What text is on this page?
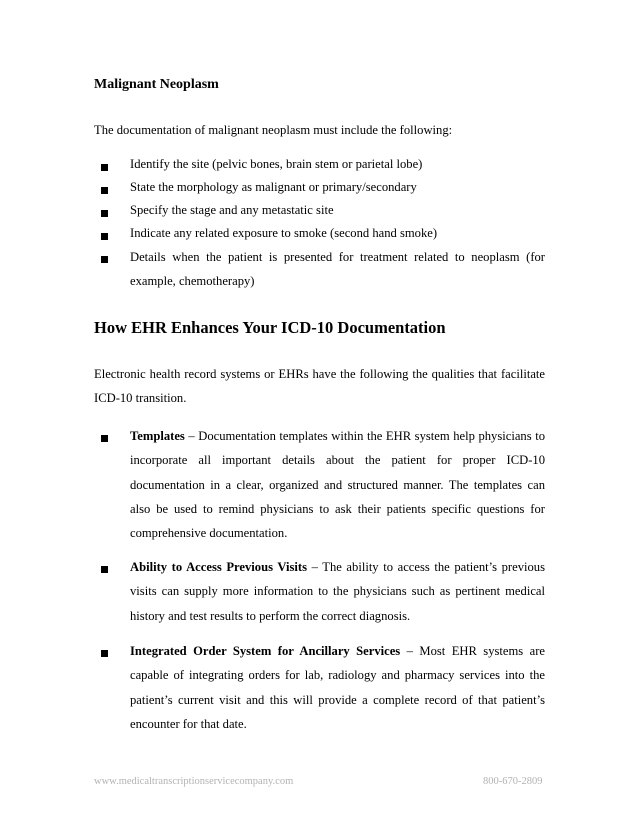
Malignant Neoplasm
The documentation of malignant neoplasm must include the following:
Identify the site (pelvic bones, brain stem or parietal lobe)
State the morphology as malignant or primary/secondary
Specify the stage and any metastatic site
Indicate any related exposure to smoke (second hand smoke)
Details when the patient is presented for treatment related to neoplasm (for example, chemotherapy)
How EHR Enhances Your ICD-10 Documentation
Electronic health record systems or EHRs have the following the qualities that facilitate ICD-10 transition.
Templates – Documentation templates within the EHR system help physicians to incorporate all important details about the patient for proper ICD-10 documentation in a clear, organized and structured manner. The templates can also be used to remind physicians to ask their patients specific questions for comprehensive documentation.
Ability to Access Previous Visits – The ability to access the patient’s previous visits can supply more information to the physicians such as pertinent medical history and test results to perform the correct diagnosis.
Integrated Order System for Ancillary Services – Most EHR systems are capable of integrating orders for lab, radiology and pharmacy services into the patient’s current visit and this will provide a complete record of that patient’s encounter for that date.
www.medicaltranscriptionservicecompany.com	800-670-2809
